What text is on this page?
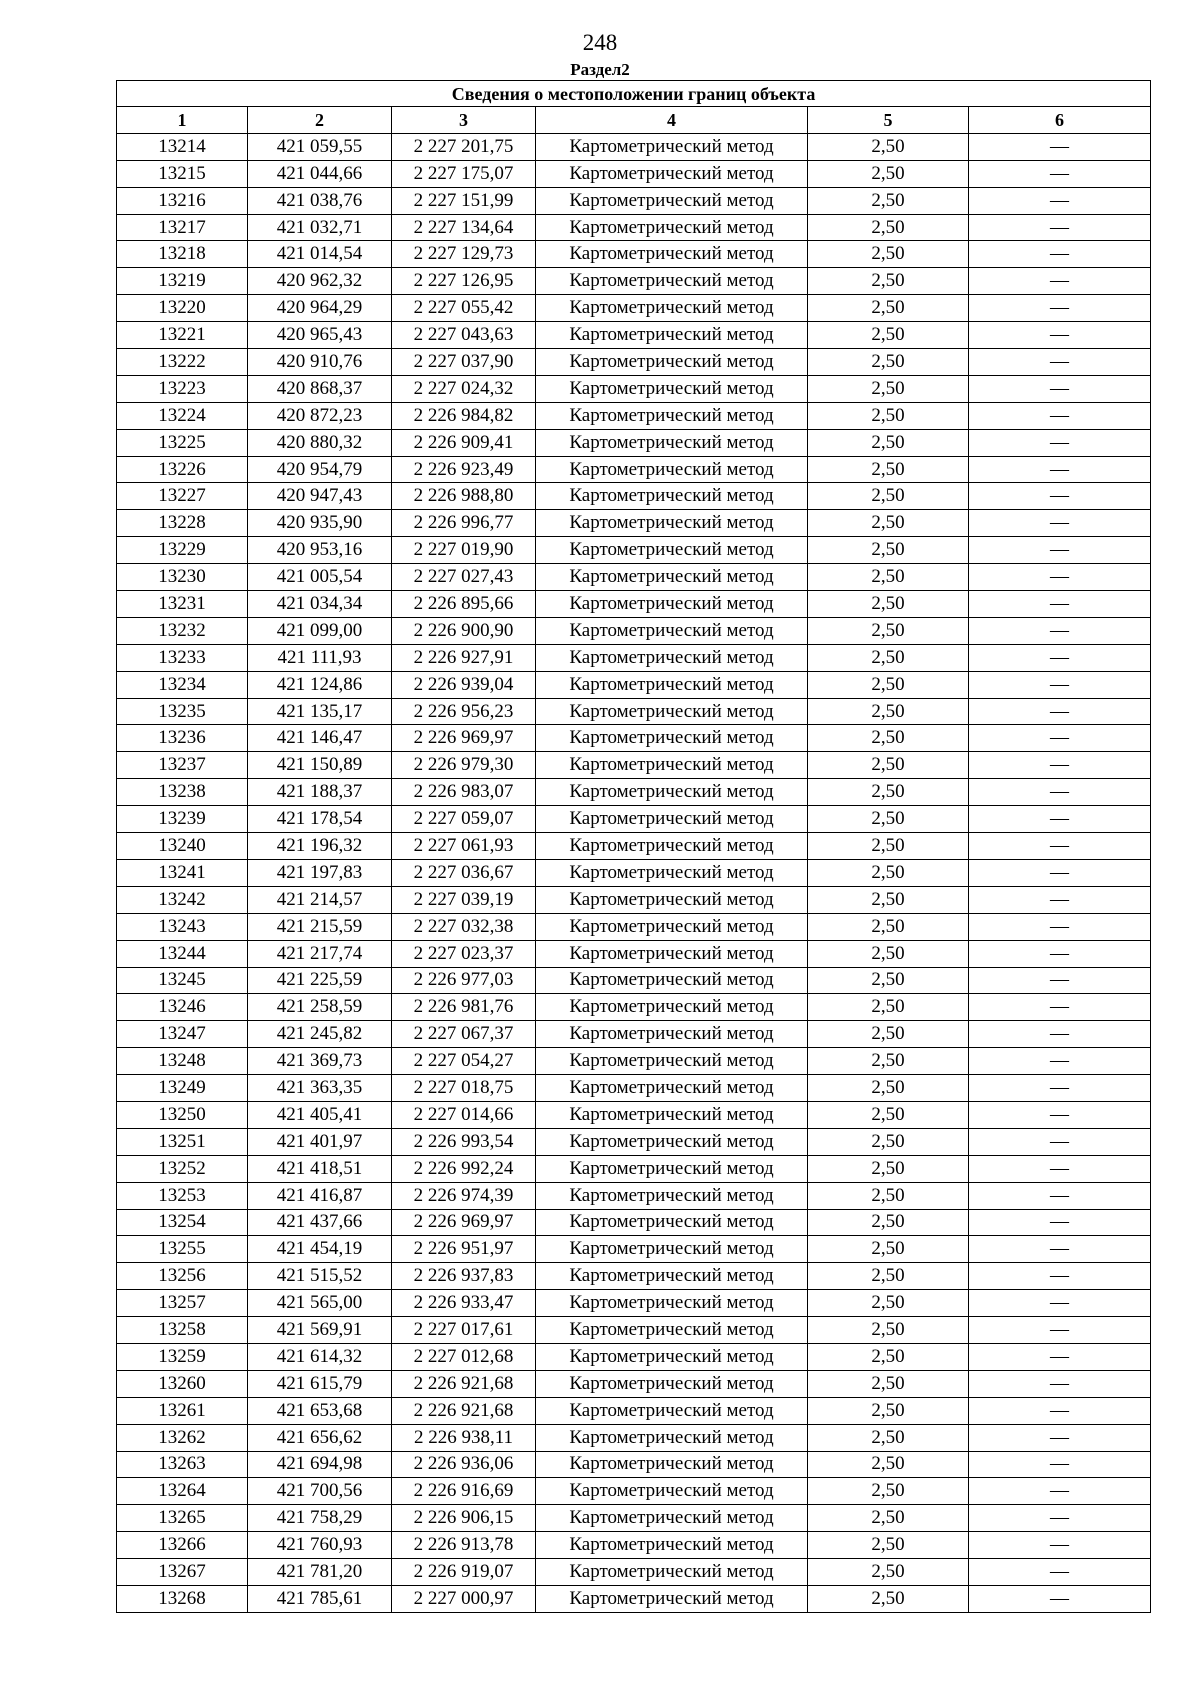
248
Раздел2
Сведения о местоположении границ объекта					
1	2	3	4	5	6
13214	421 059,55	2 227 201,75	Картометрический метод	2,50	—
13215	421 044,66	2 227 175,07	Картометрический метод	2,50	—
13216	421 038,76	2 227 151,99	Картометрический метод	2,50	—
13217	421 032,71	2 227 134,64	Картометрический метод	2,50	—
13218	421 014,54	2 227 129,73	Картометрический метод	2,50	—
13219	420 962,32	2 227 126,95	Картометрический метод	2,50	—
13220	420 964,29	2 227 055,42	Картометрический метод	2,50	—
13221	420 965,43	2 227 043,63	Картометрический метод	2,50	—
13222	420 910,76	2 227 037,90	Картометрический метод	2,50	—
13223	420 868,37	2 227 024,32	Картометрический метод	2,50	—
13224	420 872,23	2 226 984,82	Картометрический метод	2,50	—
13225	420 880,32	2 226 909,41	Картометрический метод	2,50	—
13226	420 954,79	2 226 923,49	Картометрический метод	2,50	—
13227	420 947,43	2 226 988,80	Картометрический метод	2,50	—
13228	420 935,90	2 226 996,77	Картометрический метод	2,50	—
13229	420 953,16	2 227 019,90	Картометрический метод	2,50	—
13230	421 005,54	2 227 027,43	Картометрический метод	2,50	—
13231	421 034,34	2 226 895,66	Картометрический метод	2,50	—
13232	421 099,00	2 226 900,90	Картометрический метод	2,50	—
13233	421 111,93	2 226 927,91	Картометрический метод	2,50	—
13234	421 124,86	2 226 939,04	Картометрический метод	2,50	—
13235	421 135,17	2 226 956,23	Картометрический метод	2,50	—
13236	421 146,47	2 226 969,97	Картометрический метод	2,50	—
13237	421 150,89	2 226 979,30	Картометрический метод	2,50	—
13238	421 188,37	2 226 983,07	Картометрический метод	2,50	—
13239	421 178,54	2 227 059,07	Картометрический метод	2,50	—
13240	421 196,32	2 227 061,93	Картометрический метод	2,50	—
13241	421 197,83	2 227 036,67	Картометрический метод	2,50	—
13242	421 214,57	2 227 039,19	Картометрический метод	2,50	—
13243	421 215,59	2 227 032,38	Картометрический метод	2,50	—
13244	421 217,74	2 227 023,37	Картометрический метод	2,50	—
13245	421 225,59	2 226 977,03	Картометрический метод	2,50	—
13246	421 258,59	2 226 981,76	Картометрический метод	2,50	—
13247	421 245,82	2 227 067,37	Картометрический метод	2,50	—
13248	421 369,73	2 227 054,27	Картометрический метод	2,50	—
13249	421 363,35	2 227 018,75	Картометрический метод	2,50	—
13250	421 405,41	2 227 014,66	Картометрический метод	2,50	—
13251	421 401,97	2 226 993,54	Картометрический метод	2,50	—
13252	421 418,51	2 226 992,24	Картометрический метод	2,50	—
13253	421 416,87	2 226 974,39	Картометрический метод	2,50	—
13254	421 437,66	2 226 969,97	Картометрический метод	2,50	—
13255	421 454,19	2 226 951,97	Картометрический метод	2,50	—
13256	421 515,52	2 226 937,83	Картометрический метод	2,50	—
13257	421 565,00	2 226 933,47	Картометрический метод	2,50	—
13258	421 569,91	2 227 017,61	Картометрический метод	2,50	—
13259	421 614,32	2 227 012,68	Картометрический метод	2,50	—
13260	421 615,79	2 226 921,68	Картометрический метод	2,50	—
13261	421 653,68	2 226 921,68	Картометрический метод	2,50	—
13262	421 656,62	2 226 938,11	Картометрический метод	2,50	—
13263	421 694,98	2 226 936,06	Картометрический метод	2,50	—
13264	421 700,56	2 226 916,69	Картометрический метод	2,50	—
13265	421 758,29	2 226 906,15	Картометрический метод	2,50	—
13266	421 760,93	2 226 913,78	Картометрический метод	2,50	—
13267	421 781,20	2 226 919,07	Картометрический метод	2,50	—
13268	421 785,61	2 227 000,97	Картометрический метод	2,50	—
